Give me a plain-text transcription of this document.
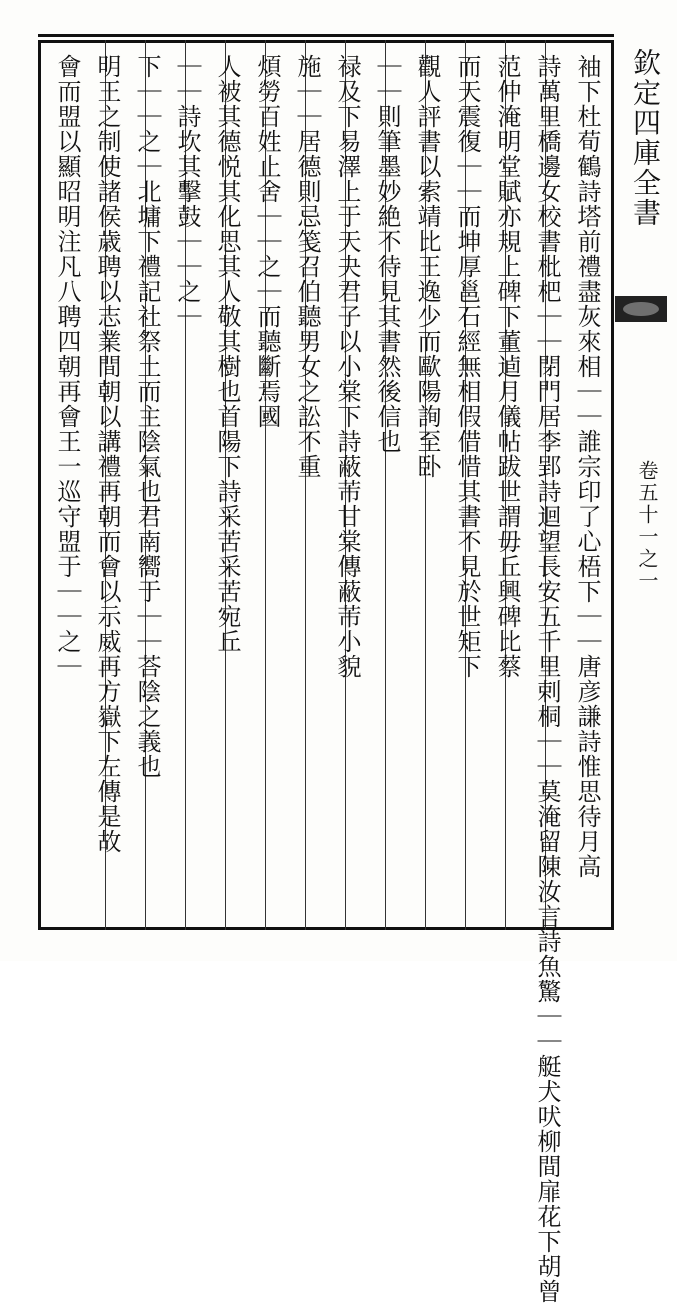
袖下杜荀鶴詩塔前禮盡灰來相｜｜誰宗印了心梧下｜｜唐彦謙詩惟思待月高
詩萬里橋邊女校書枇杷｜｜閉門居李郢詩迴望長安五千里剌桐｜｜莫淹留陳汝言詩魚驚｜｜艇犬吠柳間扉花下胡曾
范仲淹明堂賦亦規上碑下董逌月儀帖跋世謂毋丘興碑比蔡
而天震復｜｜而坤厚邕石經無相假借惜其書不見於世矩下
觀人評書以索靖比王逸少而歐陽詢至卧
｜｜則筆墨妙絶不待見其書然後信也
禄及下易澤上于天夬君子以小棠下詩蔽芾甘棠傳蔽芾小貌
施｜｜居德則忌笺召伯聽男女之訟不重
煩勞百姓止舍｜｜之｜而聽斷焉國
人被其德悦其化思其人敬其樹也首陽下詩采苦采苦宛丘
｜｜詩坎其擊鼓｜｜之｜
下｜｜之｜北墉下禮記社祭土而主陰氣也君南嚮于｜｜荅陰之義也
明王之制使諸侯歳聘以志業間朝以講禮再朝而會以示威再方嶽下左傳是故
會而盟以顯昭明注凡八聘四朝再會王一巡守盟于｜｜之｜	欽定四庫全書
卷五十一之一
